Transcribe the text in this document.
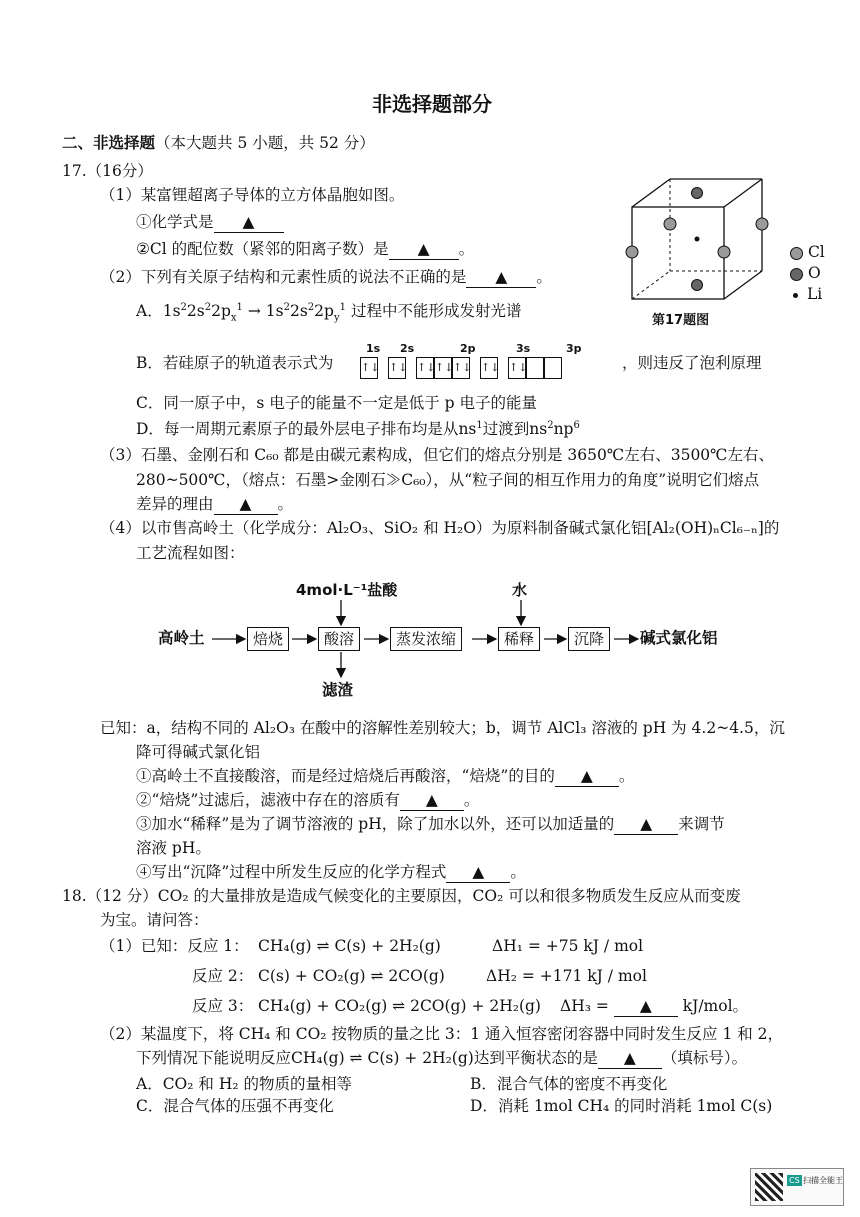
非选择题部分
二、非选择题（本大题共 5 小题，共 52 分）
17.（16分）
（1）某富锂超离子导体的立方体晶胞如图。
①化学式是 ▲
②Cl 的配位数（紧邻的阳离子数）是 ▲ 。
（2）下列有关原子结构和元素性质的说法不正确的是 ▲ 。
A．$1s^22s^22p_x^1 \to 1s^22s^22p_y^1$ 过程中不能形成发射光谱
B．若硅原子的轨道表示式为
1s 2s	2p	3s	3p
↑↓ ↑↓ ↑↓↑↓↑↓ ↑↓ ↑↓	，则违反了泡利原理
C．同一原子中，s 电子的能量不一定是低于 p 电子的能量
D．每一周期元素原子的最外层电子排布均是从$ns^1$过渡到$ns^2np^6$
（3）石墨、金刚石和 C₆₀ 都是由碳元素构成，但它们的熔点分别是 3650℃左右、3500℃左右、
280~500℃，（熔点：石墨>金刚石≫C₆₀），从“粒子间的相互作用力的角度”说明它们熔点
差异的理由 ▲ 。
（4）以市售高岭土（化学成分：Al₂O₃、SiO₂ 和 H₂O）为原料制备碱式氯化铝[Al₂(OH)ₙCl₆₋ₙ]的
工艺流程如图：
4mol·L⁻¹盐酸	水
高岭土	焙烧	酸溶	蒸发浓缩	稀释	沉降	碱式氯化铝
滤渣
已知：a，结构不同的 Al₂O₃ 在酸中的溶解性差别较大；b，调节 AlCl₃ 溶液的 pH 为 4.2~4.5，沉
降可得碱式氯化铝
①高岭土不直接酸溶，而是经过焙烧后再酸溶，“焙烧”的目的 ▲ 。
②“焙烧”过滤后，滤液中存在的溶质有 ▲ 。
③加水“稀释”是为了调节溶液的 pH，除了加水以外，还可以加适量的 ▲ 来调节
溶液 pH。
④写出“沉降”过程中所发生反应的化学方程式 ▲ 。
18.（12 分）CO₂ 的大量排放是造成气候变化的主要原因，CO₂ 可以和很多物质发生反应从而变废
为宝。请问答：
（1）已知：反应 1： CH₄(g) ⇌ C(s) + 2H₂(g)	ΔH₁ = +75 kJ / mol
反应 2： C(s) + CO₂(g) ⇌ 2CO(g)	ΔH₂ = +171 kJ / mol
反应 3： CH₄(g) + CO₂(g) ⇌ 2CO(g) + 2H₂(g) ΔH₃ = ▲ kJ/mol。
（2）某温度下，将 CH₄ 和 CO₂ 按物质的量之比 3：1 通入恒容密闭容器中同时发生反应 1 和 2，
下列情况下能说明反应CH₄(g) ⇌ C(s) + 2H₂(g)达到平衡状态的是 ▲ （填标号）。
A．CO₂ 和 H₂ 的物质的量相等	B．混合气体的密度不再变化
C．混合气体的压强不再变化	D．消耗 1mol CH₄ 的同时消耗 1mol C(s)
Cl
O
Li
第17题图
CS 扫描全能王
